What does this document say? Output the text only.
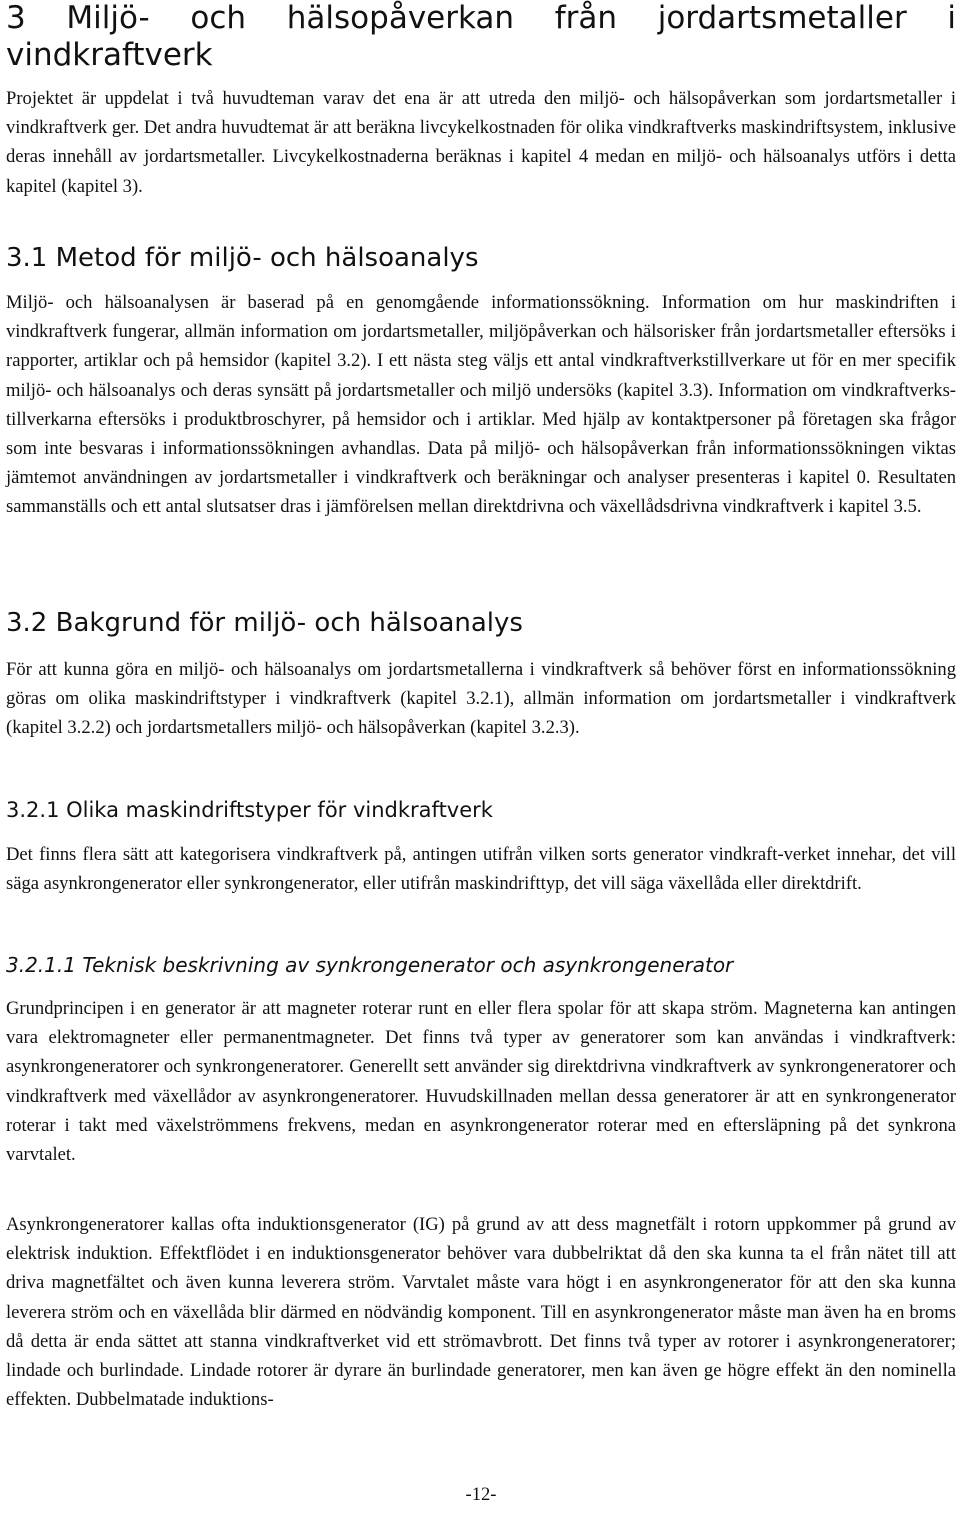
3 Miljö- och hälsopåverkan från jordartsmetaller i vindkraftverk

Projektet är uppdelat i två huvudteman varav det ena är att utreda den miljö- och hälsopåverkan som jordartsmetaller i vindkraftverk ger. Det andra huvudtemat är att beräkna livcykelkostnaden för olika vindkraftverks maskindriftsystem, inklusive deras innehåll av jordartsmetaller. Livcykelkostnaderna beräknas i kapitel 4 medan en miljö- och hälsoanalys utförs i detta kapitel (kapitel 3).

3.1 Metod för miljö- och hälsoanalys

Miljö- och hälsoanalysen är baserad på en genomgående informationssökning. Information om hur maskindriften i vindkraftverk fungerar, allmän information om jordartsmetaller, miljöpåverkan och hälsorisker från jordartsmetaller eftersöks i rapporter, artiklar och på hemsidor (kapitel 3.2). I ett nästa steg väljs ett antal vindkraftverkstillverkare ut för en mer specifik miljö- och hälsoanalys och deras synsätt på jordartsmetaller och miljö undersöks (kapitel 3.3). Information om vindkraftverks-tillverkarna eftersöks i produktbroschyrer, på hemsidor och i artiklar. Med hjälp av kontaktpersoner på företagen ska frågor som inte besvaras i informationssökningen avhandlas. Data på miljö- och hälsopåverkan från informationssökningen viktas jämtemot användningen av jordartsmetaller i vindkraftverk och beräkningar och analyser presenteras i kapitel 0. Resultaten sammanställs och ett antal slutsatser dras i jämförelsen mellan direktdrivna och växellådsdrivna vindkraftverk i kapitel 3.5.

3.2 Bakgrund för miljö- och hälsoanalys

För att kunna göra en miljö- och hälsoanalys om jordartsmetallerna i vindkraftverk så behöver först en informationssökning göras om olika maskindriftstyper i vindkraftverk (kapitel 3.2.1), allmän information om jordartsmetaller i vindkraftverk (kapitel 3.2.2) och jordartsmetallers miljö- och hälsopåverkan (kapitel 3.2.3).

3.2.1 Olika maskindriftstyper för vindkraftverk

Det finns flera sätt att kategorisera vindkraftverk på, antingen utifrån vilken sorts generator vindkraft-verket innehar, det vill säga asynkrongenerator eller synkrongenerator, eller utifrån maskindrifttyp, det vill säga växellåda eller direktdrift.

3.2.1.1 Teknisk beskrivning av synkrongenerator och asynkrongenerator

Grundprincipen i en generator är att magneter roterar runt en eller flera spolar för att skapa ström. Magneterna kan antingen vara elektromagneter eller permanentmagneter. Det finns två typer av generatorer som kan användas i vindkraftverk: asynkrongeneratorer och synkrongeneratorer. Generellt sett använder sig direktdrivna vindkraftverk av synkrongeneratorer och vindkraftverk med växellådor av asynkrongeneratorer. Huvudskillnaden mellan dessa generatorer är att en synkrongenerator roterar i takt med växelströmmens frekvens, medan en asynkrongenerator roterar med en eftersläpning på det synkrona varvtalet.

Asynkrongeneratorer kallas ofta induktionsgenerator (IG) på grund av att dess magnetfält i rotorn uppkommer på grund av elektrisk induktion. Effektflödet i en induktionsgenerator behöver vara dubbelriktat då den ska kunna ta el från nätet till att driva magnetfältet och även kunna leverera ström. Varvtalet måste vara högt i en asynkrongenerator för att den ska kunna leverera ström och en växellåda blir därmed en nödvändig komponent. Till en asynkrongenerator måste man även ha en broms då detta är enda sättet att stanna vindkraftverket vid ett strömavbrott. Det finns två typer av rotorer i asynkrongeneratorer; lindade och burlindade. Lindade rotorer är dyrare än burlindade generatorer, men kan även ge högre effekt än den nominella effekten. Dubbelmatade induktions-

-12-
